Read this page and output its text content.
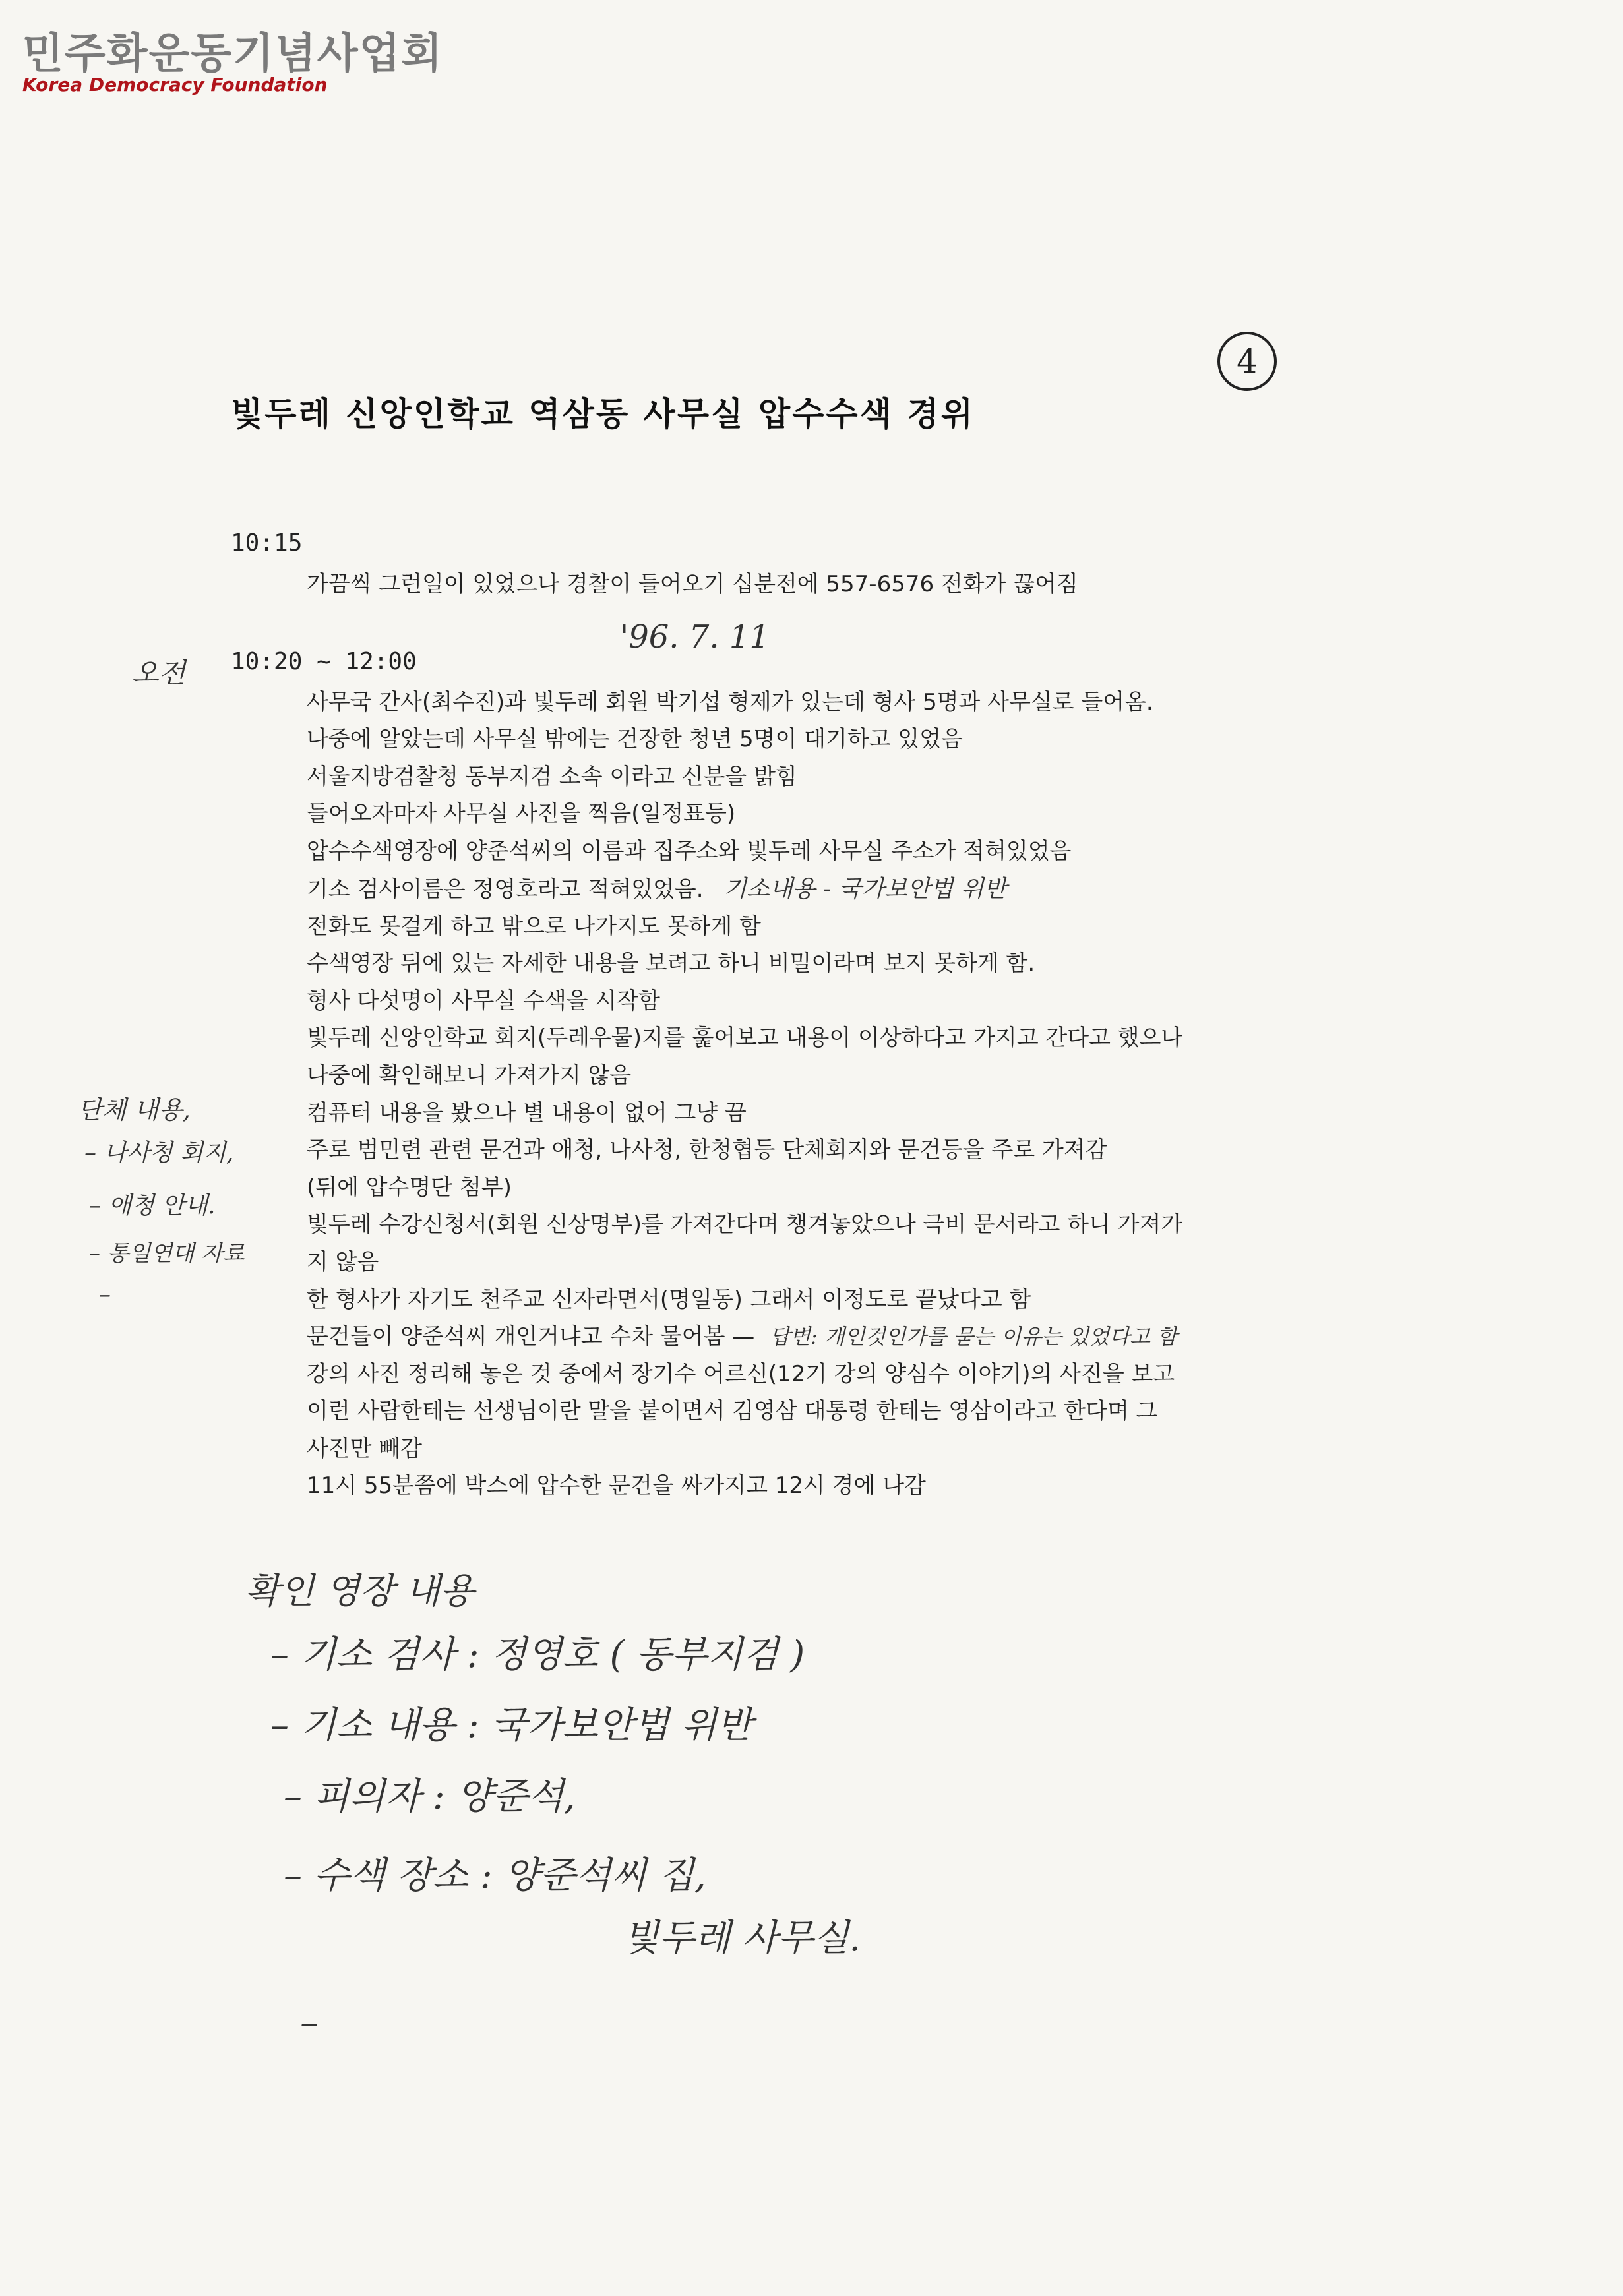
민주화운동기념사업회
Korea Democracy Foundation
4
빛두레 신앙인학교 역삼동 사무실 압수수색 경위
10:15
가끔씩 그런일이 있었으나 경찰이 들어오기 십분전에 557-6576 전화가 끊어짐
오전 10:20 ~ 12:00
'96. 7. 11
사무국 간사(최수진)과 빛두레 회원 박기섭 형제가 있는데 형사 5명과 사무실로 들어옴.
나중에 알았는데 사무실 밖에는 건장한 청년 5명이 대기하고 있었음
서울지방검찰청 동부지검 소속 이라고 신분을 밝힘
들어오자마자 사무실 사진을 찍음(일정표등)
압수수색영장에 양준석씨의 이름과 집주소와 빛두레 사무실 주소가 적혀있었음
기소 검사이름은 정영호라고 적혀있었음. 기소내용 - 국가보안법 위반
전화도 못걸게 하고 밖으로 나가지도 못하게 함
수색영장 뒤에 있는 자세한 내용을 보려고 하니 비밀이라며 보지 못하게 함.
형사 다섯명이 사무실 수색을 시작함
빛두레 신앙인학교 회지(두레우물)지를 훑어보고 내용이 이상하다고 가지고 간다고 했으나
나중에 확인해보니 가져가지 않음
컴퓨터 내용을 봤으나 별 내용이 없어 그냥 끔
주로 범민련 관련 문건과 애청, 나사청, 한청협등 단체회지와 문건등을 주로 가져감
(뒤에 압수명단 첨부)
빛두레 수강신청서(회원 신상명부)를 가져간다며 챙겨놓았으나 극비 문서라고 하니 가져가
지 않음
한 형사가 자기도 천주교 신자라면서(명일동) 그래서 이정도로 끝났다고 함
문건들이 양준석씨 개인거냐고 수차 물어봄 — 답변: 개인것인가를 묻는 이유는 있었다고 함
강의 사진 정리해 놓은 것 중에서 장기수 어르신(12기 강의 양심수 이야기)의 사진을 보고
이런 사람한테는 선생님이란 말을 붙이면서 김영삼 대통령 한테는 영삼이라고 한다며 그
사진만 빼감
11시 55분쯤에 박스에 압수한 문건을 싸가지고 12시 경에 나감
단체 내용,
– 나사청 회지,
– 애청 안내.
– 통일연대 자료
–
확인 영장 내용
– 기소 검사 : 정영호 ( 동부지검 )
– 기소 내용 : 국가보안법 위반
– 피의자 : 양준석,
– 수색 장소 : 양준석씨 집,
빛두레 사무실.
–
